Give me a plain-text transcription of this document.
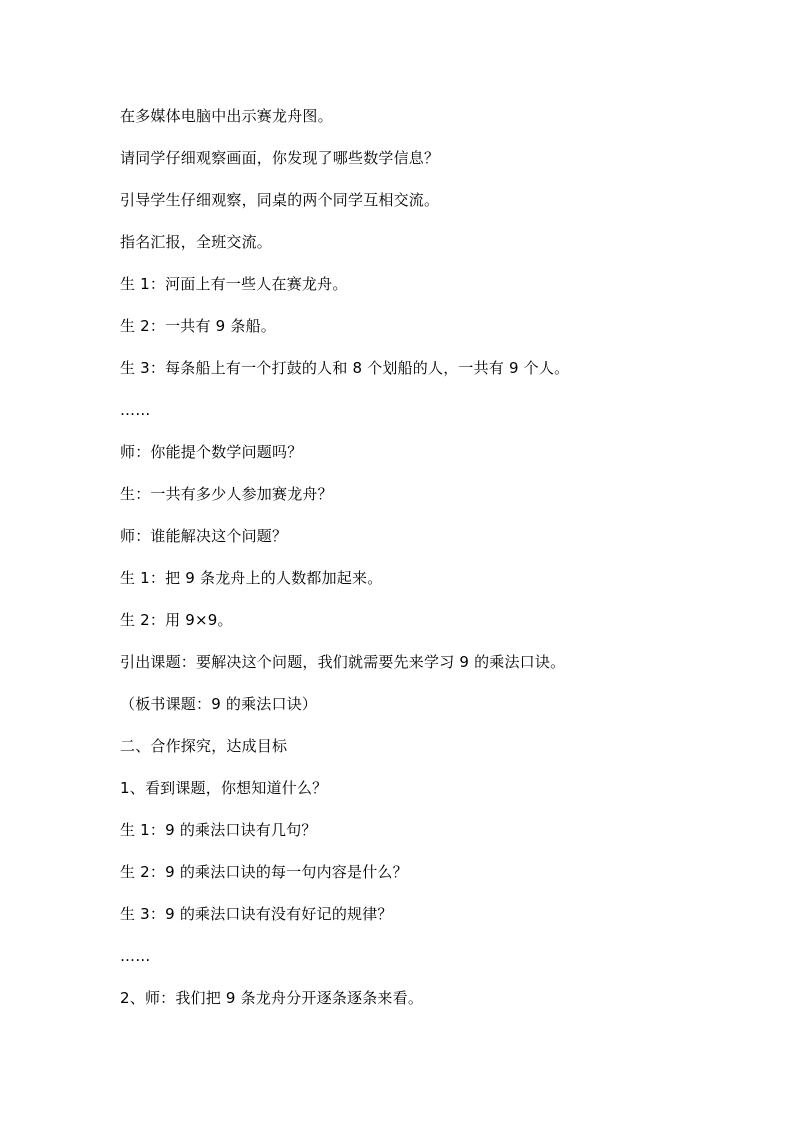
在多媒体电脑中出示赛龙舟图。

请同学仔细观察画面，你发现了哪些数学信息？

引导学生仔细观察，同桌的两个同学互相交流。

指名汇报，全班交流。

生 1：河面上有一些人在赛龙舟。

生 2：一共有 9 条船。

生 3：每条船上有一个打鼓的人和 8 个划船的人，一共有 9 个人。

……

师：你能提个数学问题吗？

生：一共有多少人参加赛龙舟？

师：谁能解决这个问题？

生 1：把 9 条龙舟上的人数都加起来。

生 2：用 9×9。

引出课题：要解决这个问题，我们就需要先来学习 9 的乘法口诀。

（板书课题：9 的乘法口诀）

二、合作探究，达成目标

1、看到课题，你想知道什么？

生 1：9 的乘法口诀有几句？

生 2：9 的乘法口诀的每一句内容是什么？

生 3：9 的乘法口诀有没有好记的规律？

……

2、师：我们把 9 条龙舟分开逐条逐条来看。
